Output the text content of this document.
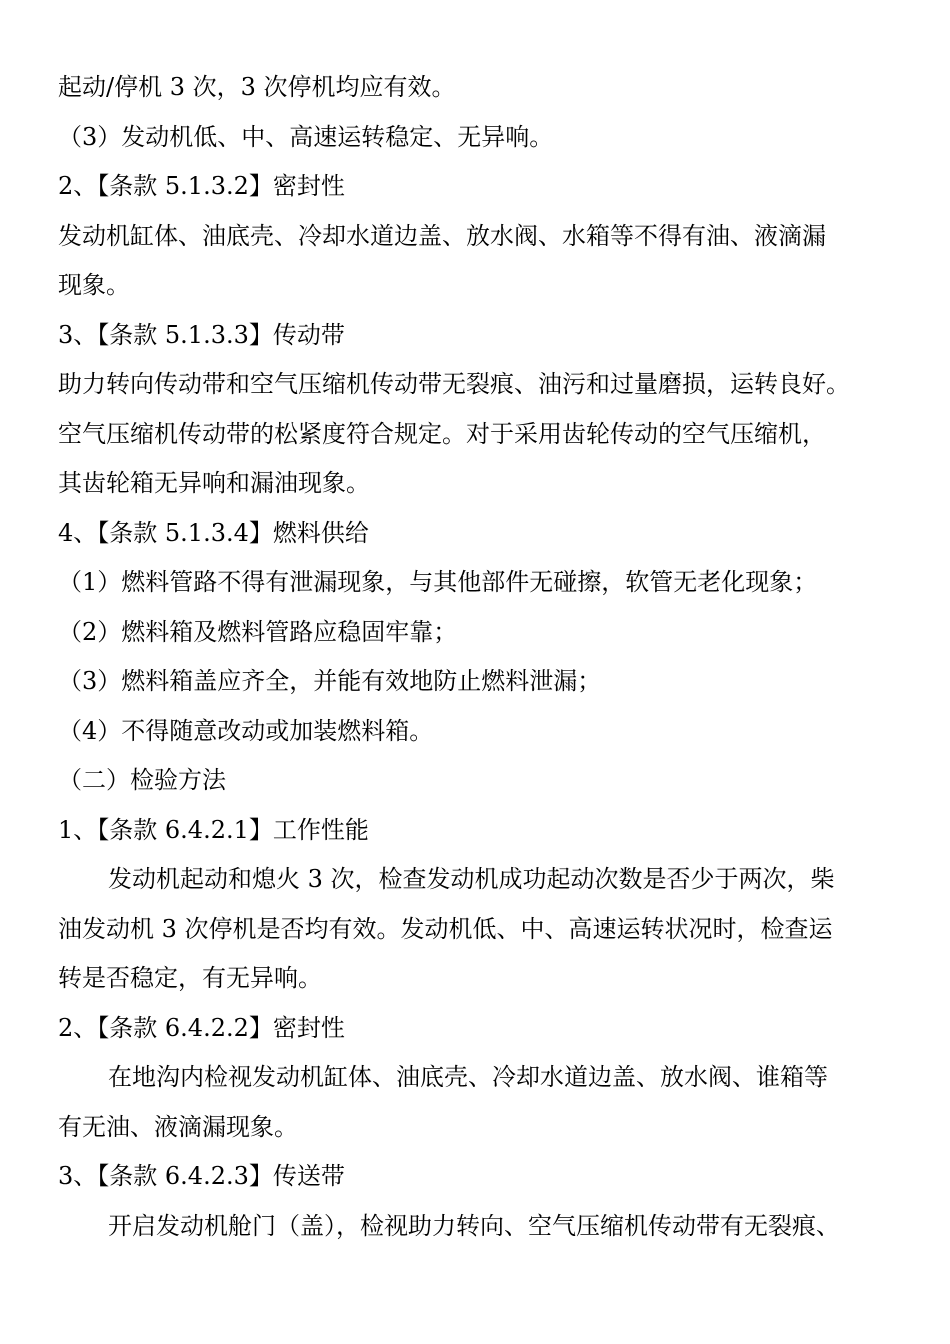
起动/停机 3 次，3 次停机均应有效。
（3）发动机低、中、高速运转稳定、无异响。
2、【条款 5.1.3.2】密封性
发动机缸体、油底壳、冷却水道边盖、放水阀、水箱等不得有油、液滴漏
现象。
3、【条款 5.1.3.3】传动带
助力转向传动带和空气压缩机传动带无裂痕、油污和过量磨损，运转良好。
空气压缩机传动带的松紧度符合规定。对于采用齿轮传动的空气压缩机，
其齿轮箱无异响和漏油现象。
4、【条款 5.1.3.4】燃料供给
（1）燃料管路不得有泄漏现象，与其他部件无碰擦，软管无老化现象；
（2）燃料箱及燃料管路应稳固牢靠；
（3）燃料箱盖应齐全，并能有效地防止燃料泄漏；
（4）不得随意改动或加装燃料箱。
（二）检验方法
1、【条款 6.4.2.1】工作性能
发动机起动和熄火 3 次，检查发动机成功起动次数是否少于两次，柴
油发动机 3 次停机是否均有效。发动机低、中、高速运转状况时，检查运
转是否稳定，有无异响。
2、【条款 6.4.2.2】密封性
在地沟内检视发动机缸体、油底壳、冷却水道边盖、放水阀、谁箱等
有无油、液滴漏现象。
3、【条款 6.4.2.3】传送带
开启发动机舱门（盖），检视助力转向、空气压缩机传动带有无裂痕、
